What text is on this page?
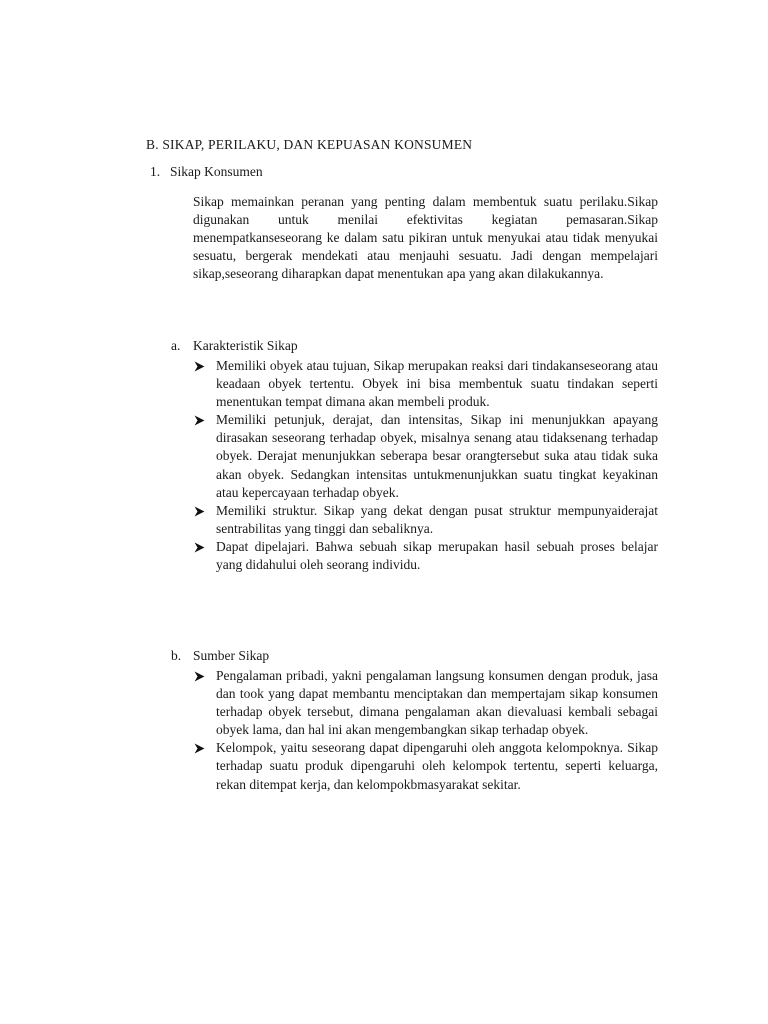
B. SIKAP, PERILAKU, DAN KEPUASAN KONSUMEN
1. Sikap Konsumen
Sikap memainkan peranan yang penting dalam membentuk suatu perilaku.Sikap digunakan untuk menilai efektivitas kegiatan pemasaran.Sikap menempatkanseseorang ke dalam satu pikiran untuk menyukai atau tidak menyukai sesuatu, bergerak mendekati atau menjauhi sesuatu. Jadi dengan mempelajari sikap,seseorang diharapkan dapat menentukan apa yang akan dilakukannya.
a. Karakteristik Sikap
Memiliki obyek atau tujuan, Sikap merupakan reaksi dari tindakanseseorang atau keadaan obyek tertentu. Obyek ini bisa membentuk suatu tindakan seperti menentukan tempat dimana akan membeli produk.
Memiliki petunjuk, derajat, dan intensitas, Sikap ini menunjukkan apayang dirasakan seseorang terhadap obyek, misalnya senang atau tidaksenang terhadap obyek. Derajat menunjukkan seberapa besar orangtersebut suka atau tidak suka akan obyek. Sedangkan intensitas untukmenunjukkan suatu tingkat keyakinan atau kepercayaan terhadap obyek.
Memiliki struktur. Sikap yang dekat dengan pusat struktur mempunyaiderajat sentrabilitas yang tinggi dan sebaliknya.
Dapat dipelajari. Bahwa sebuah sikap merupakan hasil sebuah proses belajar yang didahului oleh seorang individu.
b. Sumber Sikap
Pengalaman pribadi, yakni pengalaman langsung konsumen dengan produk, jasa dan took yang dapat membantu menciptakan dan mempertajam sikap konsumen terhadap obyek tersebut, dimana pengalaman akan dievaluasi kembali sebagai obyek lama, dan hal ini akan mengembangkan sikap terhadap obyek.
Kelompok, yaitu seseorang dapat dipengaruhi oleh anggota kelompoknya. Sikap terhadap suatu produk dipengaruhi oleh kelompok tertentu, seperti keluarga, rekan ditempat kerja, dan kelompokbmasyarakat sekitar.
